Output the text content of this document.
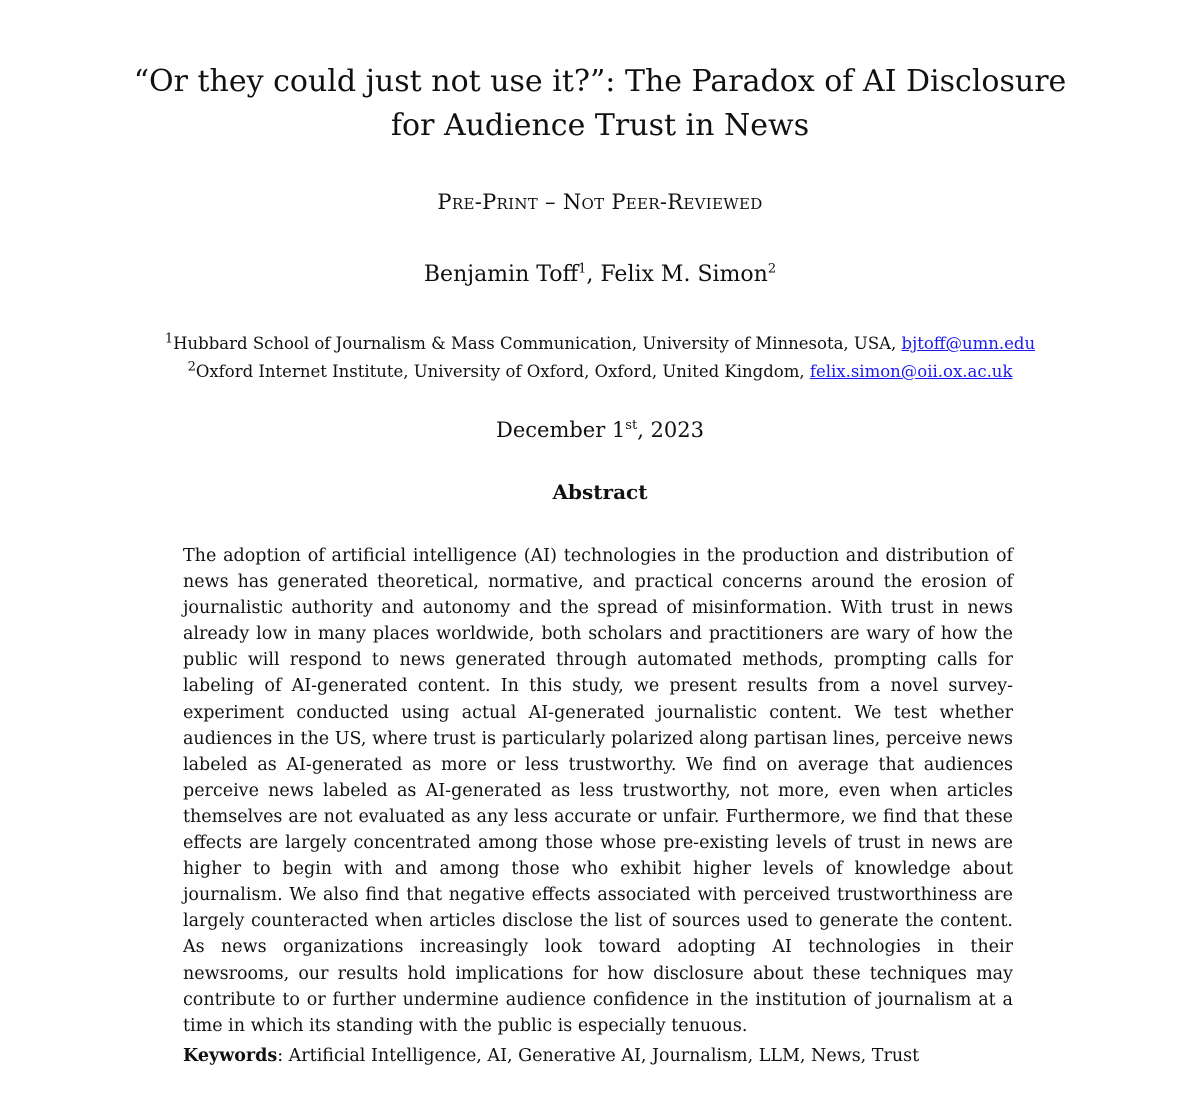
“Or they could just not use it?”: The Paradox of AI Disclosure
for Audience Trust in News
Pre-Print – Not Peer-Reviewed
Benjamin Toff$^1$, Felix M. Simon$^2$
$^1$Hubbard School of Journalism & Mass Communication, University of Minnesota, USA, bjtoff@umn.edu
$^2$Oxford Internet Institute, University of Oxford, Oxford, United Kingdom, felix.simon@oii.ox.ac.uk
December 1st, 2023
Abstract

The adoption of artificial intelligence (AI) technologies in the production and distribution of news has generated theoretical, normative, and practical concerns around the erosion of journalistic authority and autonomy and the spread of misinformation. With trust in news already low in many places worldwide, both scholars and practitioners are wary of how the public will respond to news generated through automated methods, prompting calls for labeling of AI-generated content. In this study, we present results from a novel survey-experiment conducted using actual AI-generated journalistic content. We test whether audiences in the US, where trust is particularly polarized along partisan lines, perceive news labeled as AI-generated as more or less trustworthy. We find on average that audiences perceive news labeled as AI-generated as less trustworthy, not more, even when articles themselves are not evaluated as any less accurate or unfair. Furthermore, we find that these effects are largely concentrated among those whose pre-existing levels of trust in news are higher to begin with and among those who exhibit higher levels of knowledge about journalism. We also find that negative effects associated with perceived trustworthiness are largely counteracted when articles disclose the list of sources used to generate the content. As news organizations increasingly look toward adopting AI technologies in their newsrooms, our results hold implications for how disclosure about these techniques may contribute to or further undermine audience confidence in the institution of journalism at a time in which its standing with the public is especially tenuous.

Keywords: Artificial Intelligence, AI, Generative AI, Journalism, LLM, News, Trust
